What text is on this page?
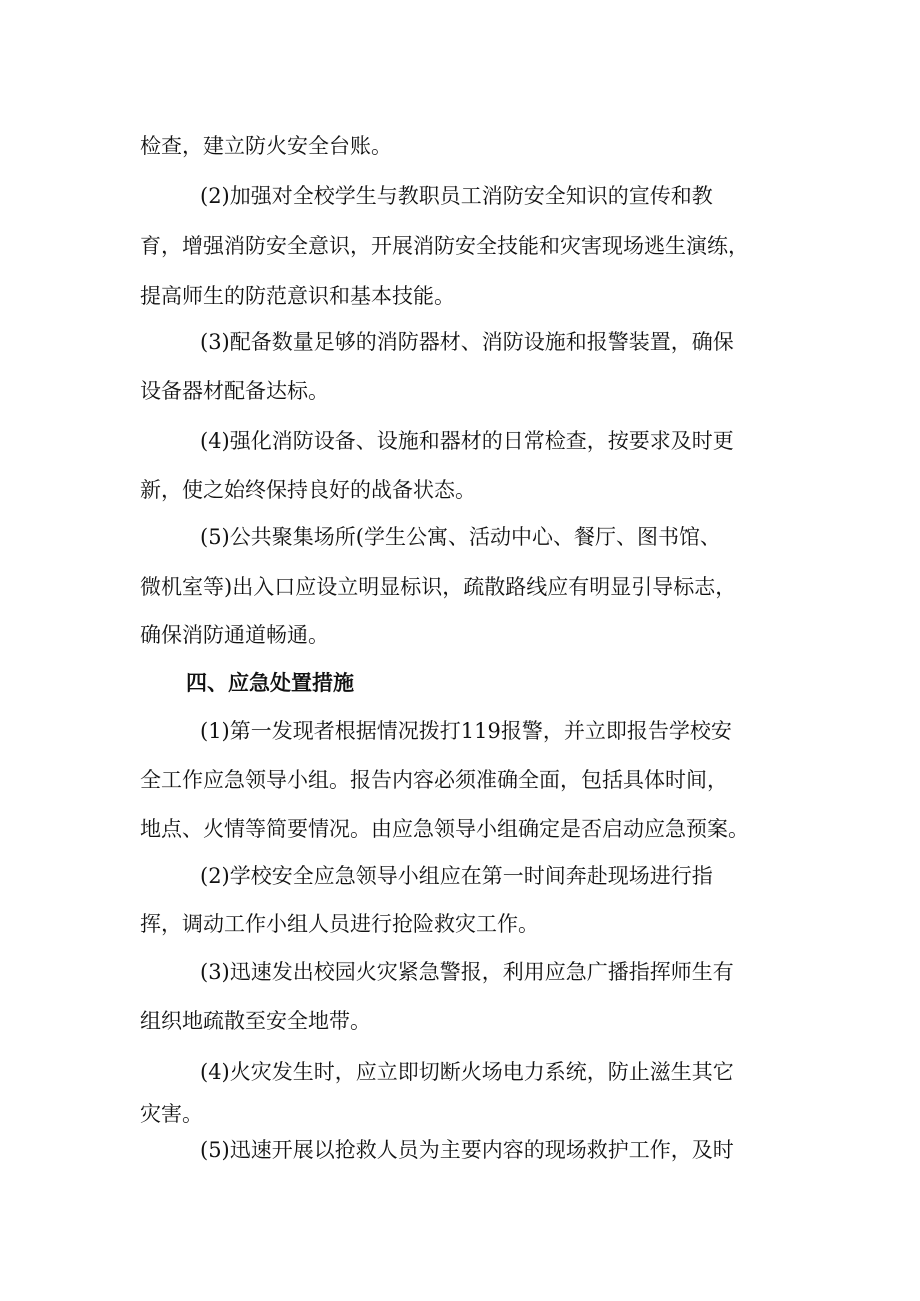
检查，建立防火安全台账。

(2)加强对全校学生与教职员工消防安全知识的宣传和教

育，增强消防安全意识，开展消防安全技能和灾害现场逃生演练，

提高师生的防范意识和基本技能。

(3)配备数量足够的消防器材、消防设施和报警装置，确保

设备器材配备达标。

(4)强化消防设备、设施和器材的日常检查，按要求及时更

新，使之始终保持良好的战备状态。

(5)公共聚集场所(学生公寓、活动中心、餐厅、图书馆、

微机室等)出入口应设立明显标识，疏散路线应有明显引导标志，

确保消防通道畅通。

四、应急处置措施

(1)第一发现者根据情况拨打119报警，并立即报告学校安

全工作应急领导小组。报告内容必须准确全面，包括具体时间，

地点、火情等简要情况。由应急领导小组确定是否启动应急预案。

(2)学校安全应急领导小组应在第一时间奔赴现场进行指

挥，调动工作小组人员进行抢险救灾工作。

(3)迅速发出校园火灾紧急警报，利用应急广播指挥师生有

组织地疏散至安全地带。

(4)火灾发生时，应立即切断火场电力系统，防止滋生其它

灾害。

(5)迅速开展以抢救人员为主要内容的现场救护工作，及时
